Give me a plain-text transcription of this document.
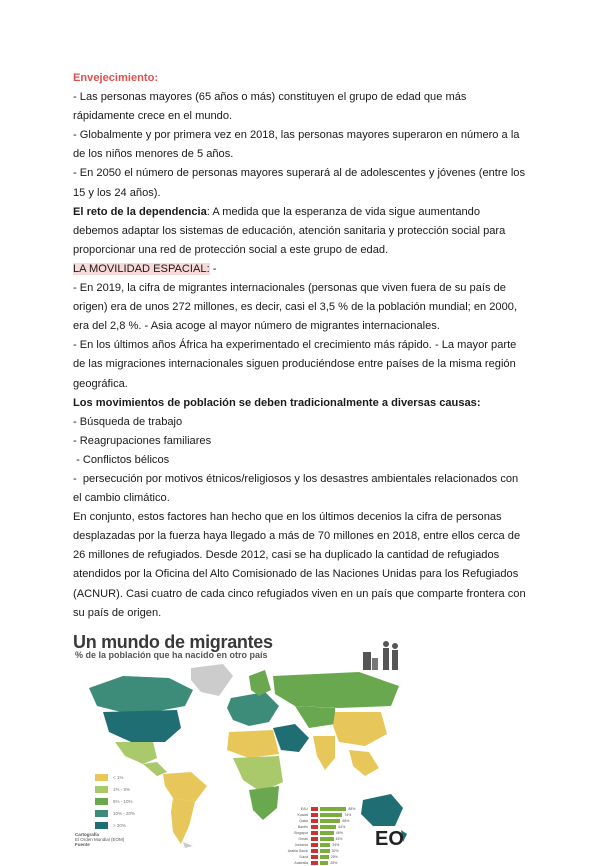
Envejecimiento:

- Las personas mayores (65 años o más) constituyen el grupo de edad que más

rápidamente crece en el mundo.

- Globalmente y por primera vez en 2018, las personas mayores superaron en número a la

de los niños menores de 5 años.

- En 2050 el número de personas mayores superará al de adolescentes y jóvenes (entre los

15 y los 24 años).

El reto de la dependencia: A medida que la esperanza de vida sigue aumentando

debemos adaptar los sistemas de educación, atención sanitaria y protección social para

proporcionar una red de protección social a este grupo de edad.

LA MOVILIDAD ESPACIAL: -

- En 2019, la cifra de migrantes internacionales (personas que viven fuera de su país de

origen) era de unos 272 millones, es decir, casi el 3,5 % de la población mundial; en 2000,

era del 2,8 %. - Asia acoge al mayor número de migrantes internacionales.

- En los últimos años África ha experimentado el crecimiento más rápido. - La mayor parte

de las migraciones internacionales siguen produciéndose entre países de la misma región

geográfica.

Los movimientos de población se deben tradicionalmente a diversas causas:

- Búsqueda de trabajo

- Reagrupaciones familiares

- Conflictos bélicos

-  persecución por motivos étnicos/religiosos y los desastres ambientales relacionados con

el cambio climático.

En conjunto, estos factores han hecho que en los últimos decenios la cifra de personas

desplazadas por la fuerza haya llegado a más de 70 millones en 2018, entre ellos cerca de

26 millones de refugiados. Desde 2012, casi se ha duplicado la cantidad de refugiados

atendidos por la Oficina del Alto Comisionado de las Naciones Unidas para los Refugiados

(ACNUR). Casi cuatro de cada cinco refugiados viven en un país que comparte frontera con

su país de origen.

Un mundo de migrantes
% de la población que ha nacido en otro país
< 1%
1% - 5%
5% - 10%
10% - 20%
> 20%
Cartografía
El Orden Mundial (EOM)
Fuente
EAU	88%
Kuwait	74%
Qatar	68%
Baréin	54%
Singapur	46%
Omán	45%
Jordania	34%
Arabia Saudí	32%
Suiza	29%
Australia	28%
EO
